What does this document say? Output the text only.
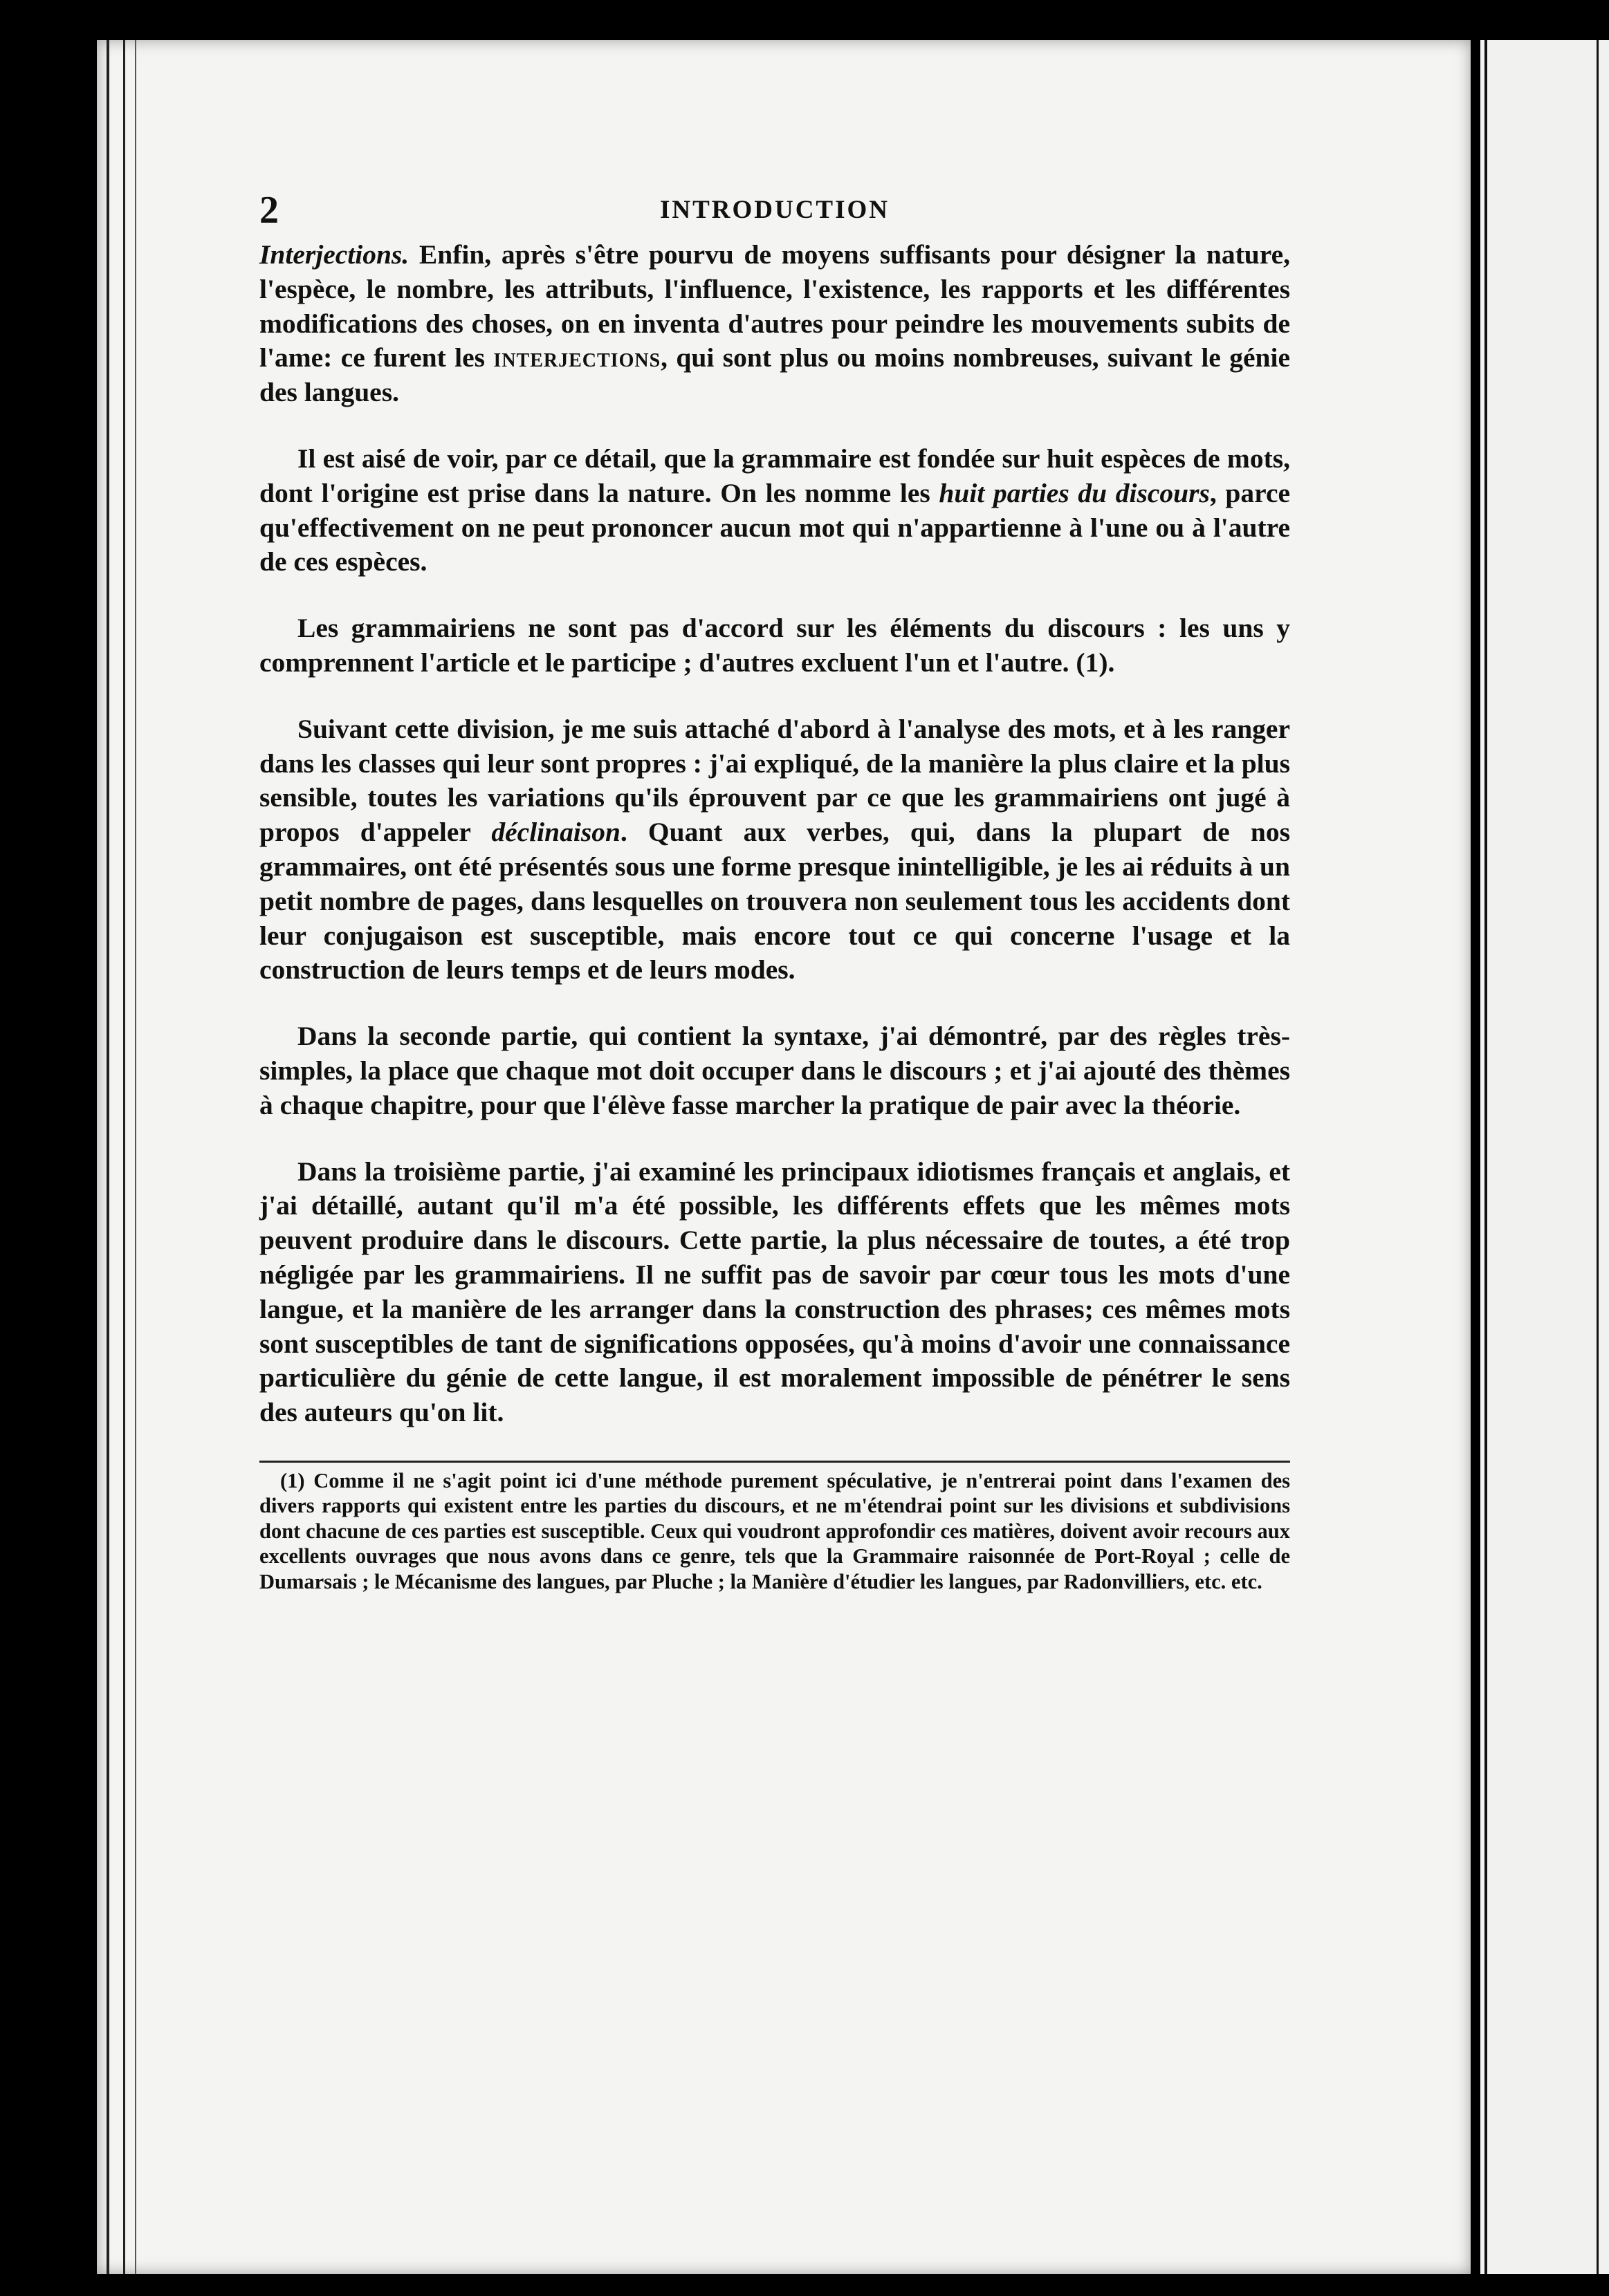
2	INTRODUCTION

Interjections. Enfin, après s'être pourvu de moyens suffisants pour désigner la nature, l'espèce, le nombre, les attributs, l'influence, l'existence, les rapports et les différentes modifications des choses, on en inventa d'autres pour peindre les mouvements subits de l'ame: ce furent les interjections, qui sont plus ou moins nombreuses, suivant le génie des langues.

Il est aisé de voir, par ce détail, que la grammaire est fondée sur huit espèces de mots, dont l'origine est prise dans la nature. On les nomme les huit parties du discours, parce qu'effectivement on ne peut prononcer aucun mot qui n'appartienne à l'une ou à l'autre de ces espèces.

Les grammairiens ne sont pas d'accord sur les éléments du discours : les uns y comprennent l'article et le participe ; d'autres excluent l'un et l'autre. (1).

Suivant cette division, je me suis attaché d'abord à l'analyse des mots, et à les ranger dans les classes qui leur sont propres : j'ai expliqué, de la manière la plus claire et la plus sensible, toutes les variations qu'ils éprouvent par ce que les grammairiens ont jugé à propos d'appeler déclinaison. Quant aux verbes, qui, dans la plupart de nos grammaires, ont été présentés sous une forme presque inintelligible, je les ai réduits à un petit nombre de pages, dans lesquelles on trouvera non seulement tous les accidents dont leur conjugaison est susceptible, mais encore tout ce qui concerne l'usage et la construction de leurs temps et de leurs modes.

Dans la seconde partie, qui contient la syntaxe, j'ai démontré, par des règles très-simples, la place que chaque mot doit occuper dans le discours ; et j'ai ajouté des thèmes à chaque chapitre, pour que l'élève fasse marcher la pratique de pair avec la théorie.

Dans la troisième partie, j'ai examiné les principaux idiotismes français et anglais, et j'ai détaillé, autant qu'il m'a été possible, les différents effets que les mêmes mots peuvent produire dans le discours. Cette partie, la plus nécessaire de toutes, a été trop négligée par les grammairiens. Il ne suffit pas de savoir par cœur tous les mots d'une langue, et la manière de les arranger dans la construction des phrases; ces mêmes mots sont susceptibles de tant de significations opposées, qu'à moins d'avoir une connaissance particulière du génie de cette langue, il est moralement impossible de pénétrer le sens des auteurs qu'on lit.

(1) Comme il ne s'agit point ici d'une méthode purement spéculative, je n'entrerai point dans l'examen des divers rapports qui existent entre les parties du discours, et ne m'étendrai point sur les divisions et subdivisions dont chacune de ces parties est susceptible. Ceux qui voudront approfondir ces matières, doivent avoir recours aux excellents ouvrages que nous avons dans ce genre, tels que la Grammaire raisonnée de Port-Royal ; celle de Dumarsais ; le Mécanisme des langues, par Pluche ; la Manière d'étudier les langues, par Radonvilliers, etc. etc.
